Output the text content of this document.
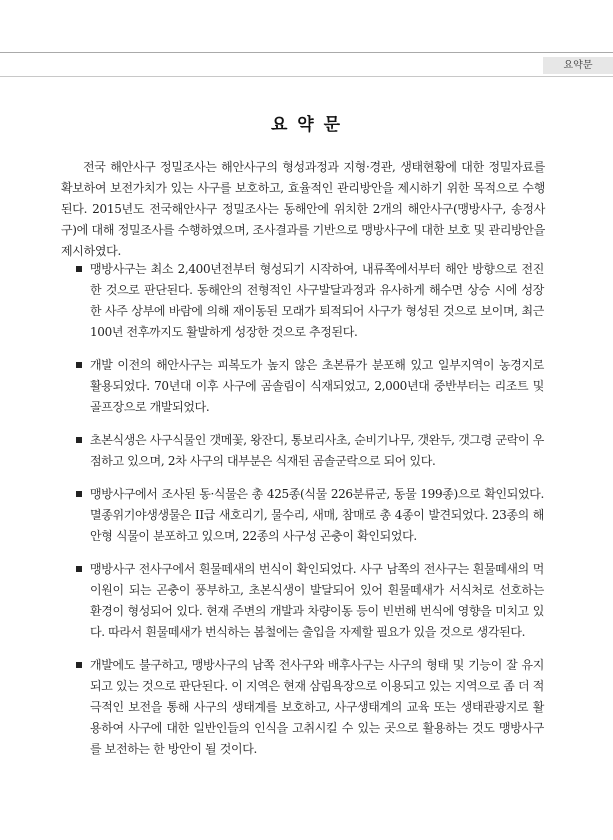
요약문
요 약 문

전국 해안사구 정밀조사는 해안사구의 형성과정과 지형·경관, 생태현황에 대한 정밀자료를 확보하여 보전가치가 있는 사구를 보호하고, 효율적인 관리방안을 제시하기 위한 목적으로 수행된다. 2015년도 전국해안사구 정밀조사는 동해안에 위치한 2개의 해안사구(맹방사구, 송정사구)에 대해 정밀조사를 수행하였으며, 조사결과를 기반으로 맹방사구에 대한 보호 및 관리방안을 제시하였다.

맹방사구는 최소 2,400년전부터 형성되기 시작하여, 내류쪽에서부터 해안 방향으로 전진한 것으로 판단된다. 동해안의 전형적인 사구발달과정과 유사하게 해수면 상승 시에 성장한 사주 상부에 바람에 의해 재이동된 모래가 퇴적되어 사구가 형성된 것으로 보이며, 최근 100년 전후까지도 활발하게 성장한 것으로 추정된다.
개발 이전의 해안사구는 피복도가 높지 않은 초본류가 분포해 있고 일부지역이 농경지로 활용되었다. 70년대 이후 사구에 곰솔림이 식재되었고, 2,000년대 중반부터는 리조트 및 골프장으로 개발되었다.
초본식생은 사구식물인 갯메꽃, 왕잔디, 통보리사초, 순비기나무, 갯완두, 갯그령 군락이 우점하고 있으며, 2차 사구의 대부분은 식재된 곰솔군락으로 되어 있다.
맹방사구에서 조사된 동·식물은 총 425종(식물 226분류군, 동물 199종)으로 확인되었다. 멸종위기야생생물은 II급 새호리기, 물수리, 새매, 참매로 총 4종이 발견되었다. 23종의 해안형 식물이 분포하고 있으며, 22종의 사구성 곤충이 확인되었다.
맹방사구 전사구에서 흰물떼새의 번식이 확인되었다. 사구 남쪽의 전사구는 흰물떼새의 먹이원이 되는 곤충이 풍부하고, 초본식생이 발달되어 있어 흰물떼새가 서식처로 선호하는 환경이 형성되어 있다. 현재 주변의 개발과 차량이동 등이 빈번해 번식에 영향을 미치고 있다. 따라서 흰물떼새가 번식하는 봄철에는 출입을 자제할 필요가 있을 것으로 생각된다.
개발에도 불구하고, 맹방사구의 남쪽 전사구와 배후사구는 사구의 형태 및 기능이 잘 유지되고 있는 것으로 판단된다. 이 지역은 현재 삼림욕장으로 이용되고 있는 지역으로 좀 더 적극적인 보전을 통해 사구의 생태계를 보호하고, 사구생태계의 교육 또는 생태관광지로 활용하여 사구에 대한 일반인들의 인식을 고취시킬 수 있는 곳으로 활용하는 것도 맹방사구를 보전하는 한 방안이 될 것이다.
